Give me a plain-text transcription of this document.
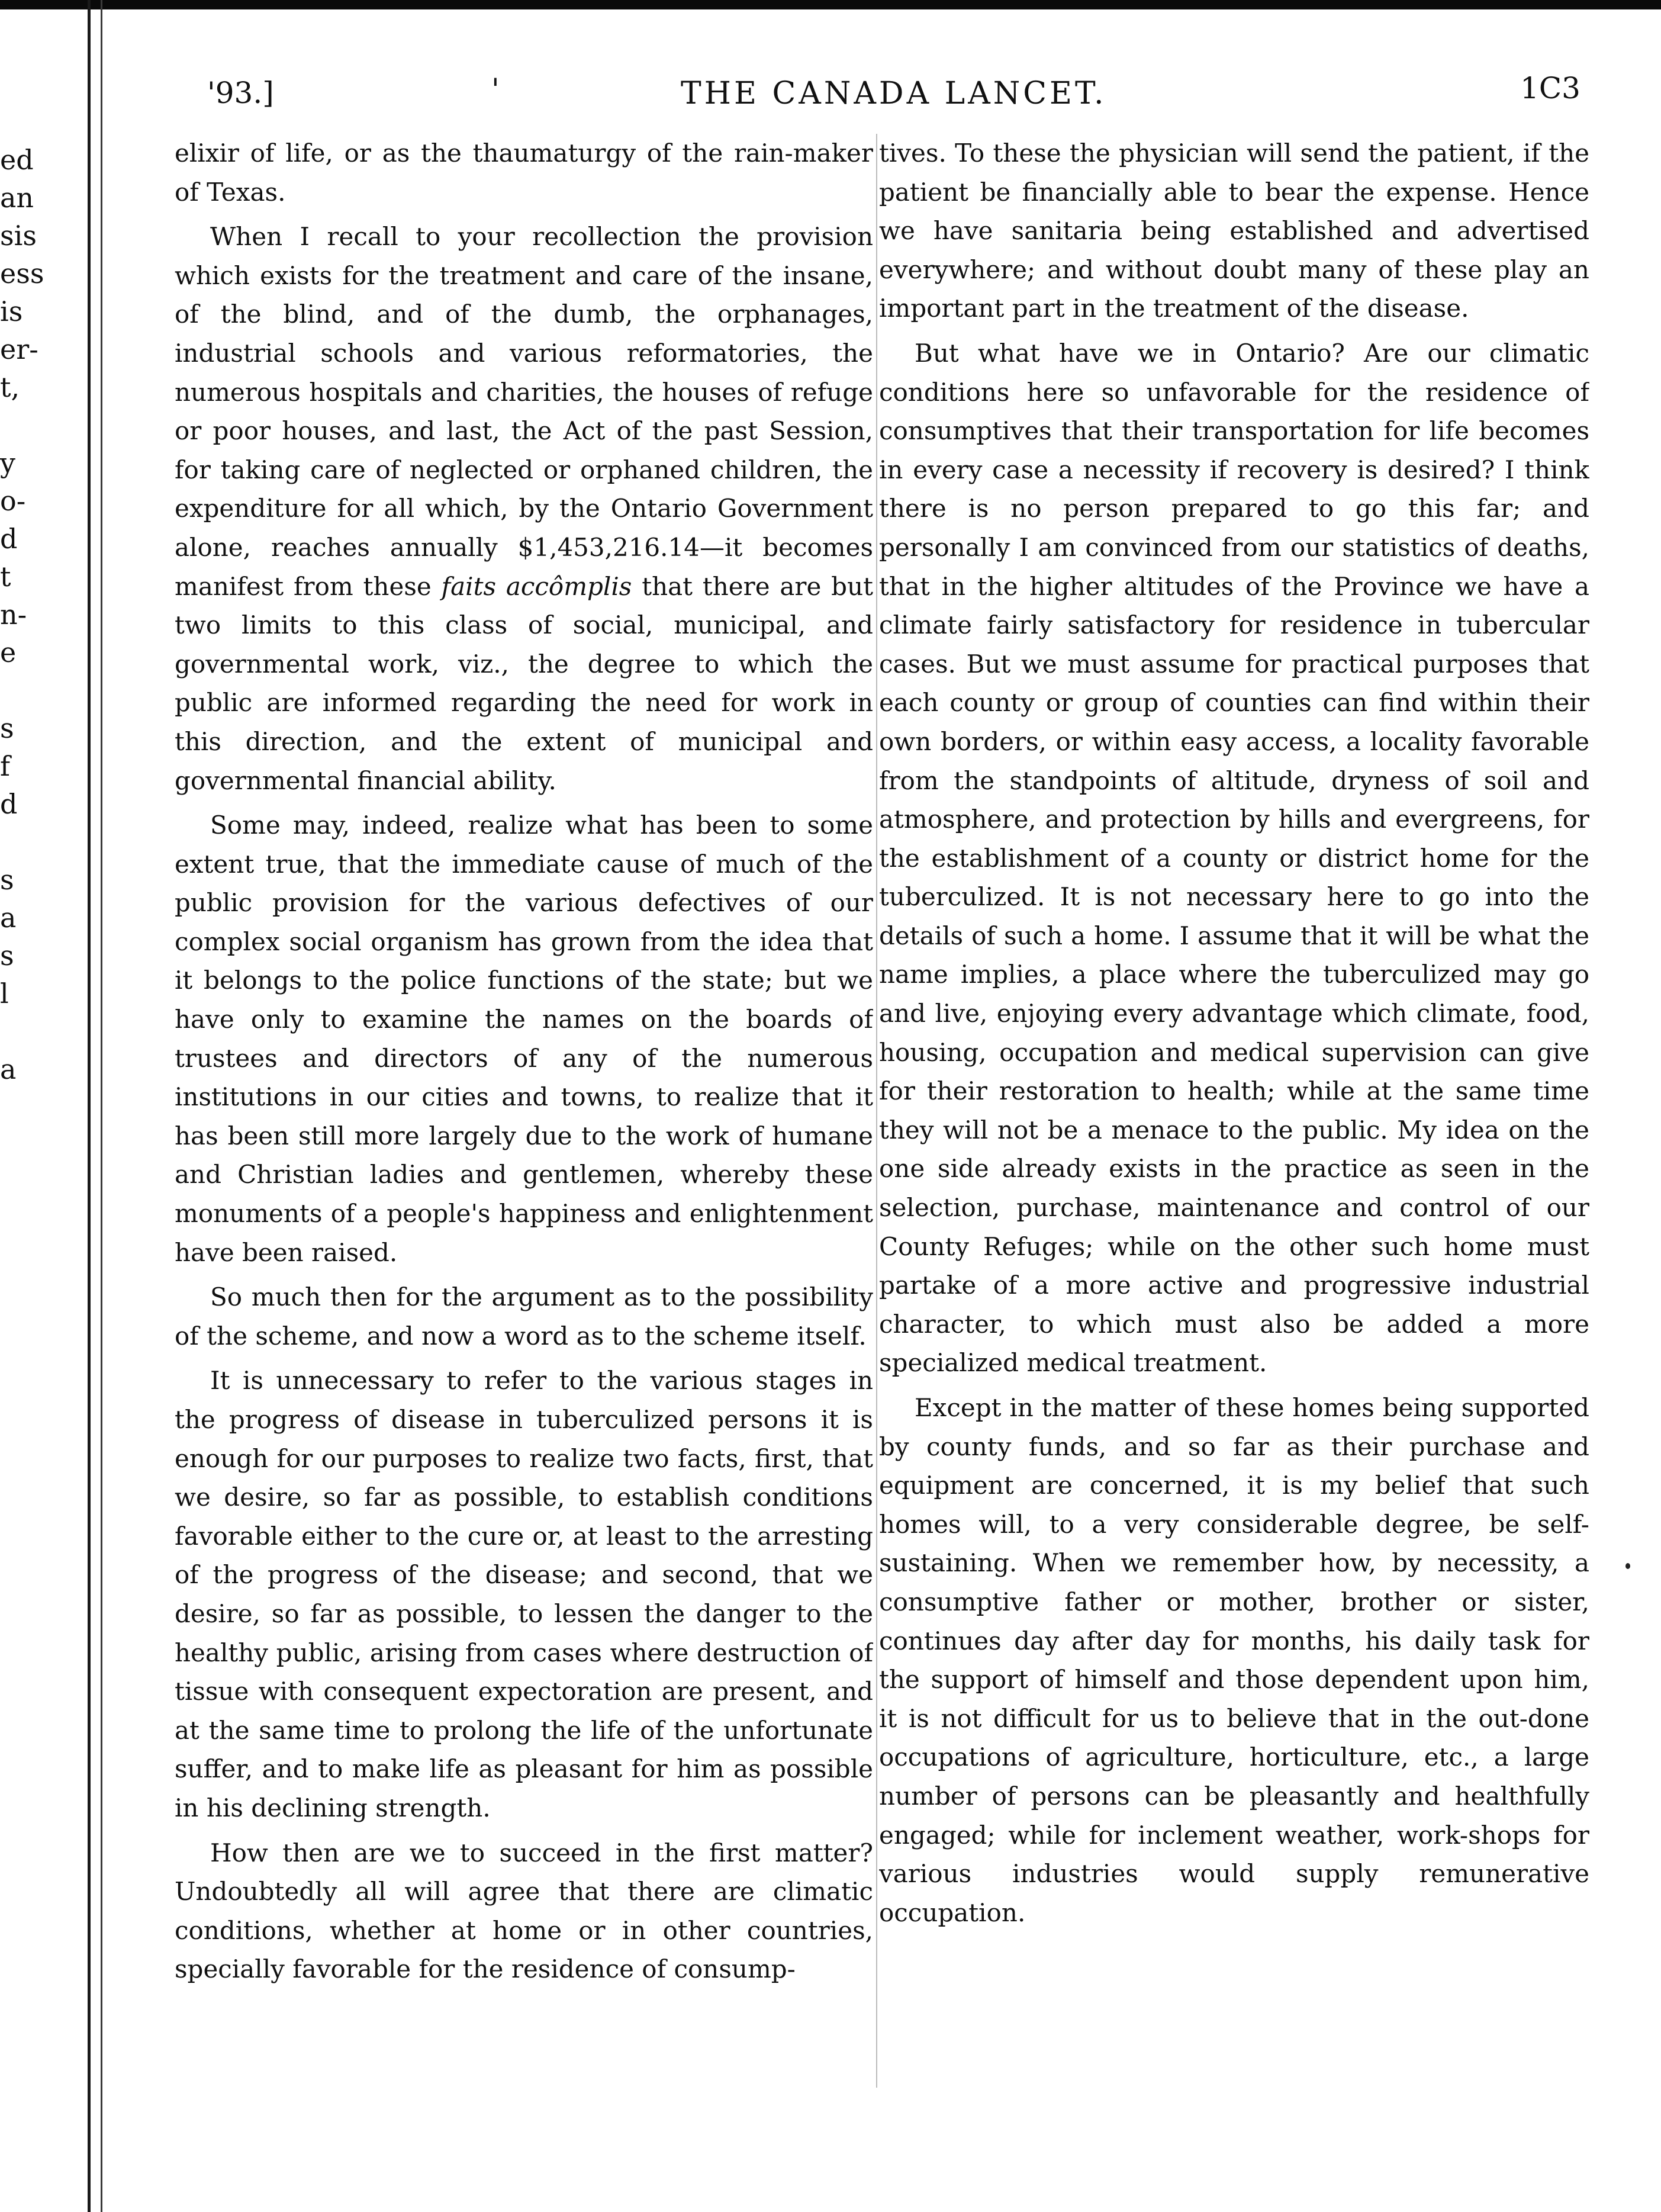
ed
an
sis
ess
is
er-
t,
y
o-
d
t
n-
e
s
f
d
s
a
s
l
a
'93.]	'	THE CANADA LANCET.	1C3

elixir of life, or as the thaumaturgy of the rain-maker of Texas.

When I recall to your recollection the provision which exists for the treatment and care of the insane, of the blind, and of the dumb, the orphanages, industrial schools and various reformatories, the numerous hospitals and charities, the houses of refuge or poor houses, and last, the Act of the past Session, for taking care of neglected or orphaned children, the expenditure for all which, by the Ontario Government alone, reaches annually $1,453,216.14—it becomes manifest from these faits accômplis that there are but two limits to this class of social, municipal, and governmental work, viz., the degree to which the public are informed regarding the need for work in this direction, and the extent of municipal and governmental financial ability.

Some may, indeed, realize what has been to some extent true, that the immediate cause of much of the public provision for the various defectives of our complex social organism has grown from the idea that it belongs to the police functions of the state; but we have only to examine the names on the boards of trustees and directors of any of the numerous institutions in our cities and towns, to realize that it has been still more largely due to the work of humane and Christian ladies and gentlemen, whereby these monuments of a people's happiness and enlightenment have been raised.

So much then for the argument as to the possibility of the scheme, and now a word as to the scheme itself.

It is unnecessary to refer to the various stages in the progress of disease in tuberculized persons it is enough for our purposes to realize two facts, first, that we desire, so far as possible, to establish conditions favorable either to the cure or, at least to the arresting of the progress of the disease; and second, that we desire, so far as possible, to lessen the danger to the healthy public, arising from cases where destruction of tissue with consequent expectoration are present, and at the same time to prolong the life of the unfortunate suffer, and to make life as pleasant for him as possible in his declining strength.

How then are we to succeed in the first matter? Undoubtedly all will agree that there are climatic conditions, whether at home or in other countries, specially favorable for the residence of consump-

tives. To these the physician will send the patient, if the patient be financially able to bear the expense. Hence we have sanitaria being established and advertised everywhere; and without doubt many of these play an important part in the treatment of the disease.

But what have we in Ontario? Are our climatic conditions here so unfavorable for the residence of consumptives that their transportation for life becomes in every case a necessity if recovery is desired? I think there is no person prepared to go this far; and personally I am convinced from our statistics of deaths, that in the higher altitudes of the Province we have a climate fairly satisfactory for residence in tubercular cases. But we must assume for practical purposes that each county or group of counties can find within their own borders, or within easy access, a locality favorable from the standpoints of altitude, dryness of soil and atmosphere, and protection by hills and evergreens, for the establishment of a county or district home for the tuberculized. It is not necessary here to go into the details of such a home. I assume that it will be what the name implies, a place where the tuberculized may go and live, enjoying every advantage which climate, food, housing, occupation and medical supervision can give for their restoration to health; while at the same time they will not be a menace to the public. My idea on the one side already exists in the practice as seen in the selection, purchase, maintenance and control of our County Refuges; while on the other such home must partake of a more active and progressive industrial character, to which must also be added a more specialized medical treatment.

Except in the matter of these homes being supported by county funds, and so far as their purchase and equipment are concerned, it is my belief that such homes will, to a very considerable degree, be self-sustaining. When we remember how, by necessity, a consumptive father or mother, brother or sister, continues day after day for months, his daily task for the support of himself and those dependent upon him, it is not difficult for us to believe that in the out-done occupations of agriculture, horticulture, etc., a large number of persons can be pleasantly and healthfully engaged; while for inclement weather, work-shops for various industries would supply remunerative occupation.
